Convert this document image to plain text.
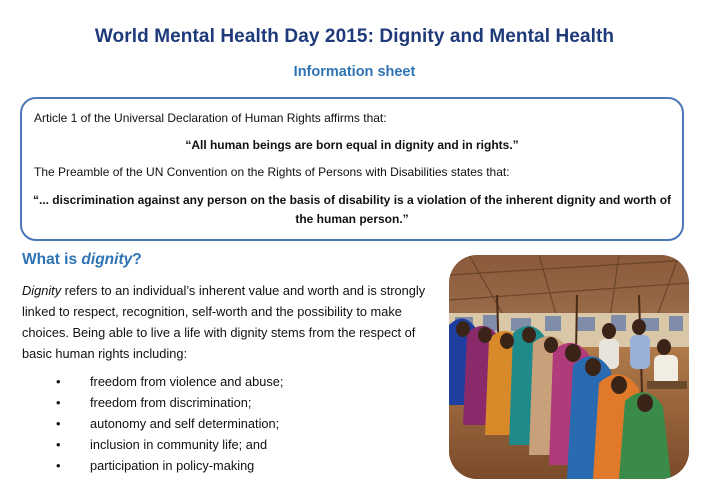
World Mental Health Day 2015: Dignity and Mental Health
Information sheet
Article 1 of the Universal Declaration of Human Rights affirms that:
“All human beings are born equal in dignity and in rights.”
The Preamble of the UN Convention on the Rights of Persons with Disabilities states that:
“... discrimination against any person on the basis of disability is a violation of the inherent dignity and worth of the human person.”
What is dignity?
Dignity refers to an individual’s inherent value and worth and is strongly linked to respect, recognition, self-worth and the possibility to make choices. Being able to live a life with dignity stems from the respect of basic human rights including:
• freedom from violence and abuse;
• freedom from discrimination;
• autonomy and self determination;
• inclusion in community life; and
• participation in policy-making
